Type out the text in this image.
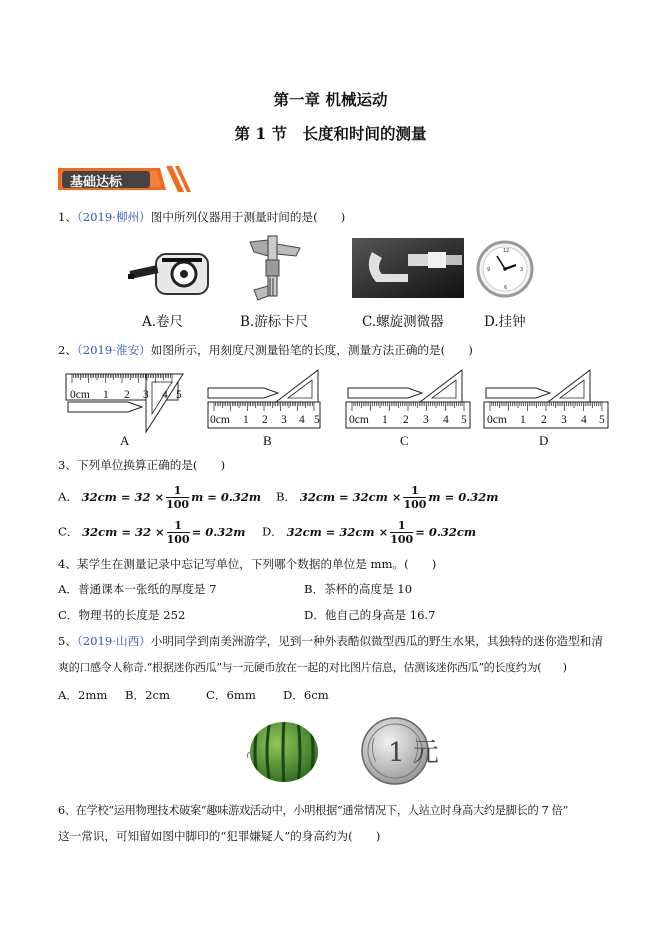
第一章 机械运动
第 1 节　长度和时间的测量
基础达标
1、（2019·柳州）图中所列仪器用于测量时间的是(　　)
12
3
6
9
A.卷尺	B.游标卡尺	C.螺旋测微器	D.挂钟
2、（2019·淮安）如图所示，用刻度尺测量铅笔的长度，测量方法正确的是(　　)
0cm 1 2 3 4 5
0cm 1 2 3 4 5	0cm 1 2 3 4 5 0cm 1 2 3 4 5
A	B	C	D
3、下列单位换算正确的是(　　)
A． $32cm = 32 \times \frac{1}{100}$ m = 0.32m B． $32cm = 32cm \times \frac{1}{100}$ m = 0.32m
C． $32cm = 32 \times \frac{1}{100} = 0.32m$ D． $32cm = 32cm \times \frac{1}{100} = 0.32cm$
4、某学生在测量记录中忘记写单位，下列哪个数据的单位是 mm。(　　)
A．普通课本一张纸的厚度是 7	B．茶杯的高度是 10
C．物理书的长度是 252	D．他自己的身高是 16.7
5、（2019·山西）小明同学到南美洲游学，见到一种外表酷似微型西瓜的野生水果，其独特的迷你造型和清
爽的口感令人称奇.“根据迷你西瓜”与一元硬币放在一起的对比图片信息，估测该迷你西瓜”的长度约为(　　)
A．2mm B．2cm	C．6mm D．6cm
1 元
6、在学校“运用物理技术破案”趣味游戏活动中，小明根据“通常情况下，人站立时身高大约是脚长的 7 倍”
这一常识，可知留如图中脚印的“犯罪嫌疑人”的身高约为(　　)
